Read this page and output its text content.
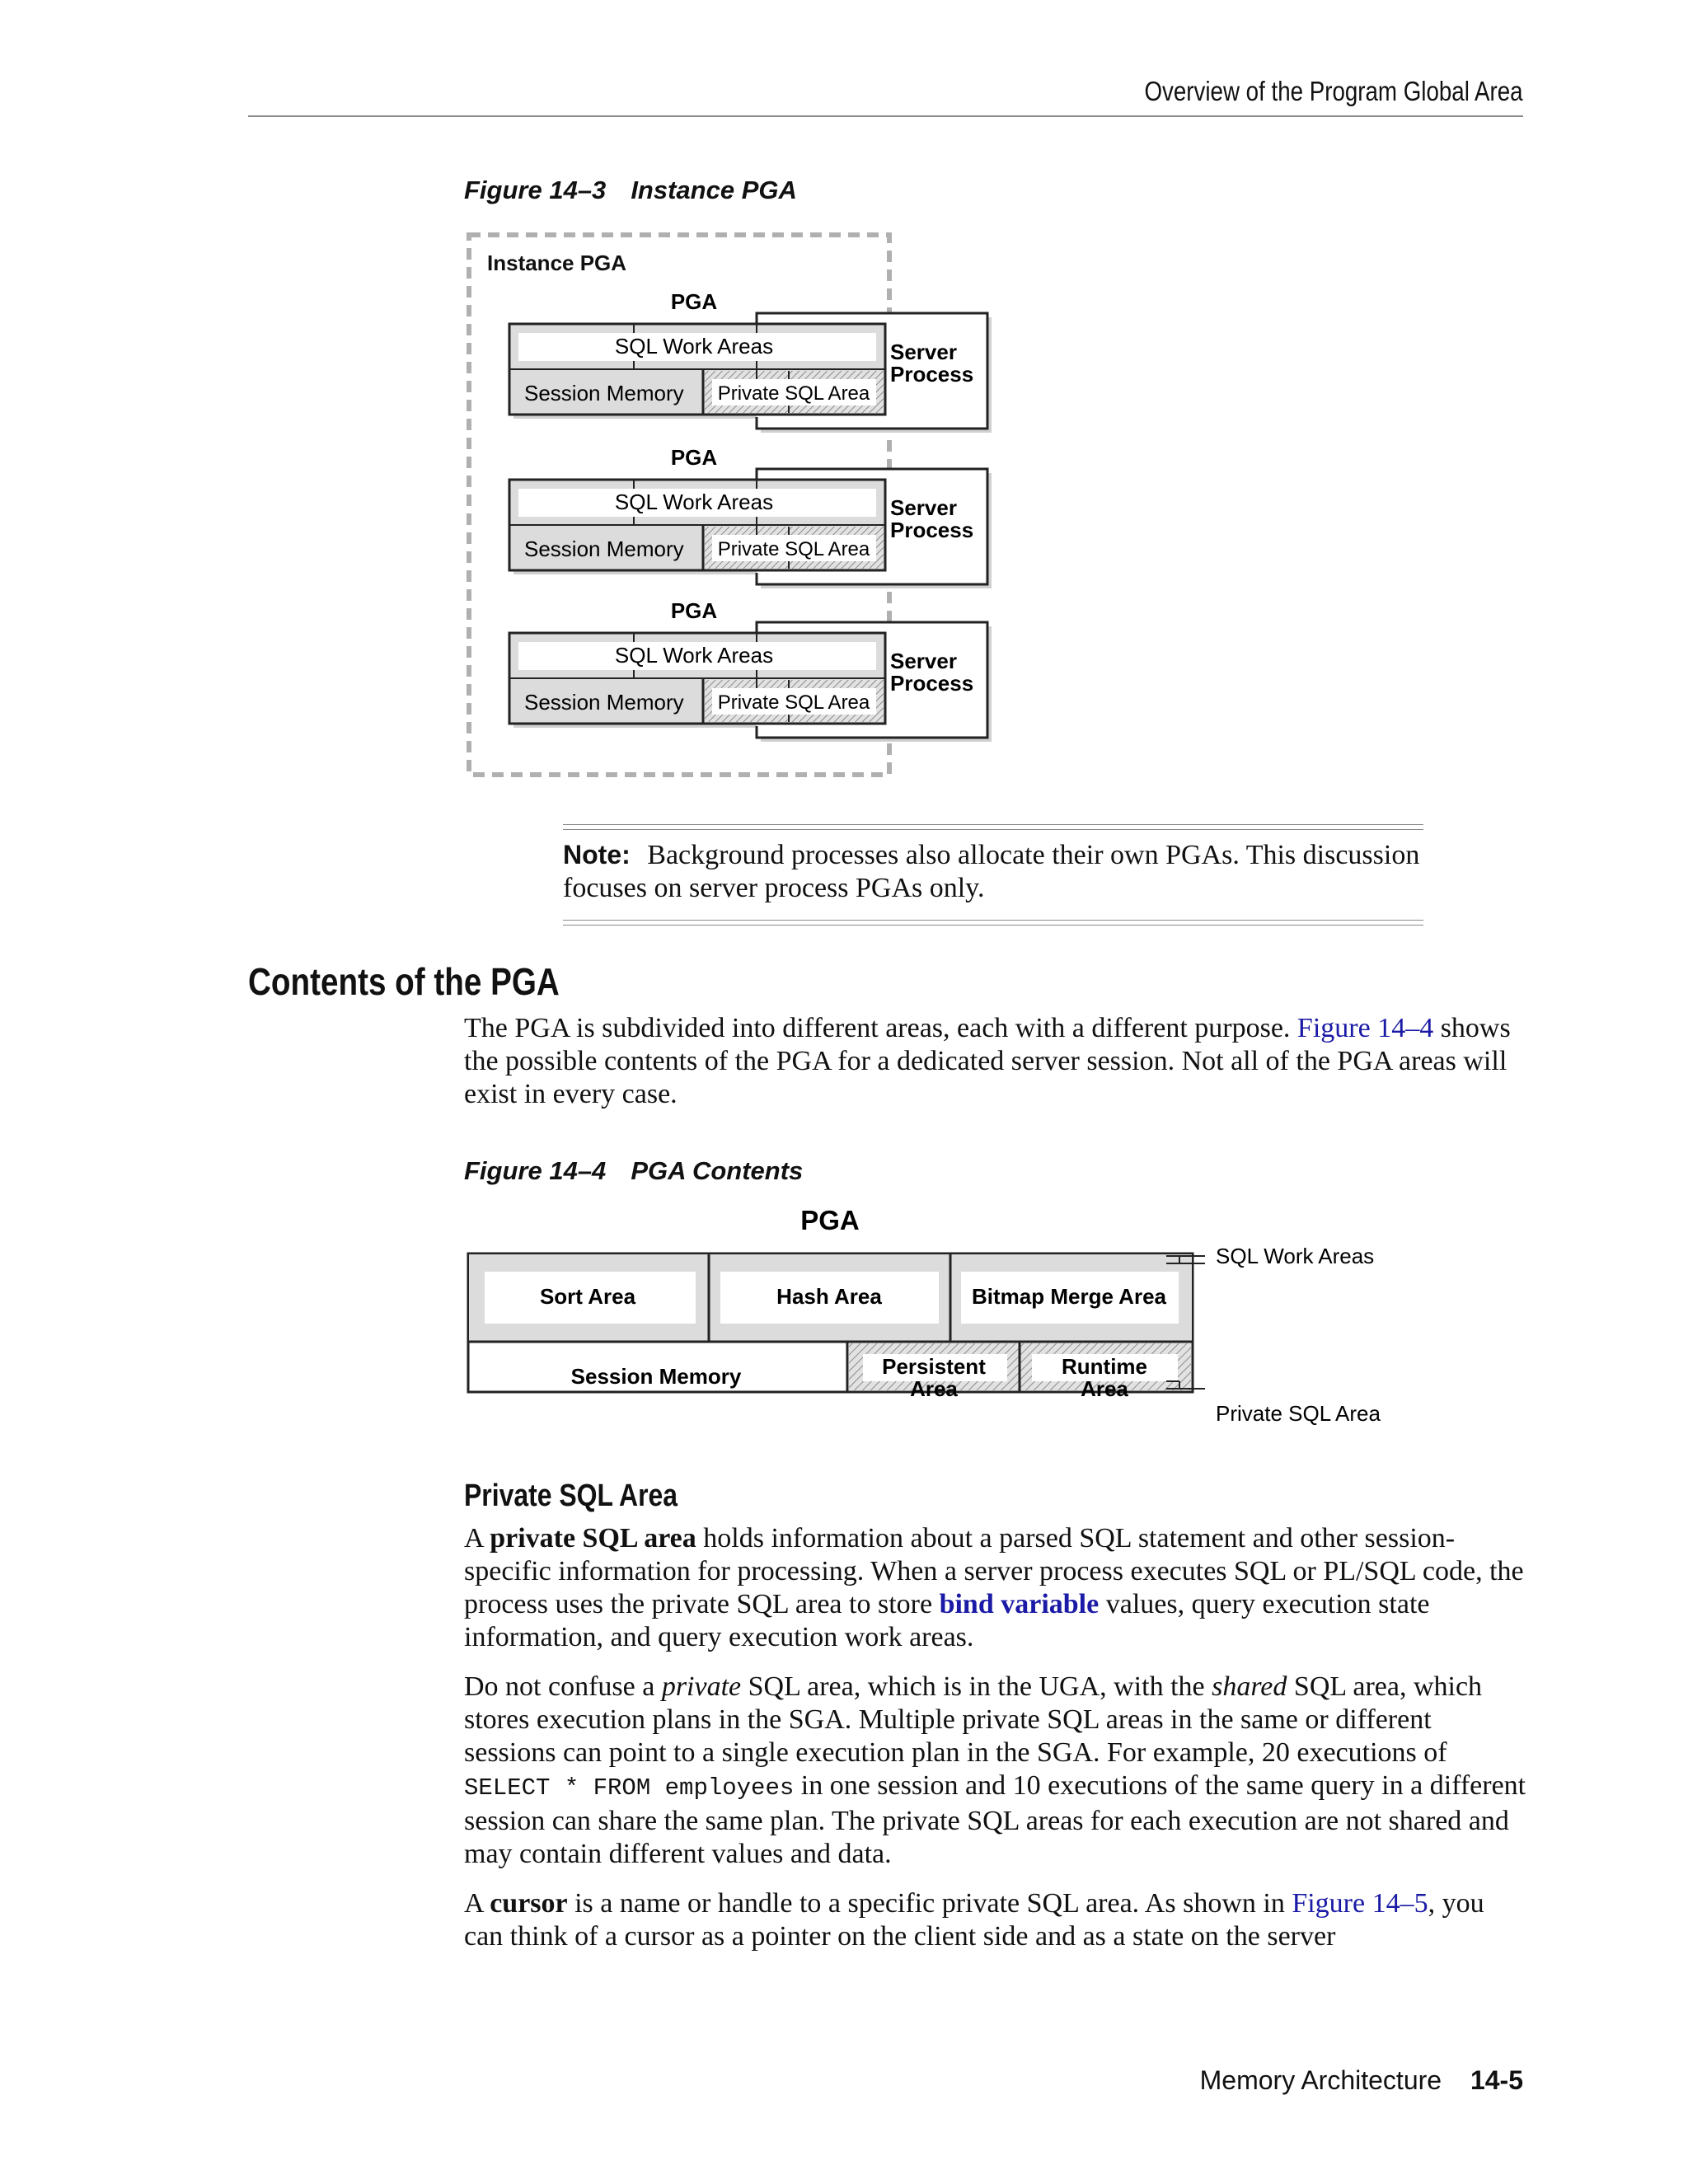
Overview of the Program Global Area
Figure 14–3 Instance PGA
Instance PGA
PGA
SQL Work Areas
Session Memory Private SQL Area
Server
Process
PGA
SQL Work Areas
Session Memory Private SQL Area
Server
Process
PGA
SQL Work Areas
Session Memory Private SQL Area
Server
Process
Note: Background processes also allocate their own PGAs. This discussion focuses on server process PGAs only.
Contents of the PGA
The PGA is subdivided into different areas, each with a different purpose. Figure 14–4 shows the possible contents of the PGA for a dedicated server session. Not all of the PGA areas will exist in every case.
Figure 14–4 PGA Contents
PGA
Sort Area	Hash Area	Bitmap Merge Area
Session Memory	Persistent
Area
Runtime
Area
SQL Work Areas
Private SQL Area
Private SQL Area

A private SQL area holds information about a parsed SQL statement and other session-specific information for processing. When a server process executes SQL or PL/SQL code, the process uses the private SQL area to store bind variable values, query execution state information, and query execution work areas.

Do not confuse a private SQL area, which is in the UGA, with the shared SQL area, which stores execution plans in the SGA. Multiple private SQL areas in the same or different sessions can point to a single execution plan in the SGA. For example, 20 executions of SELECT * FROM employees in one session and 10 executions of the same query in a different session can share the same plan. The private SQL areas for each execution are not shared and may contain different values and data.

A cursor is a name or handle to a specific private SQL area. As shown in Figure 14–5, you can think of a cursor as a pointer on the client side and as a state on the server

Memory Architecture 14-5
